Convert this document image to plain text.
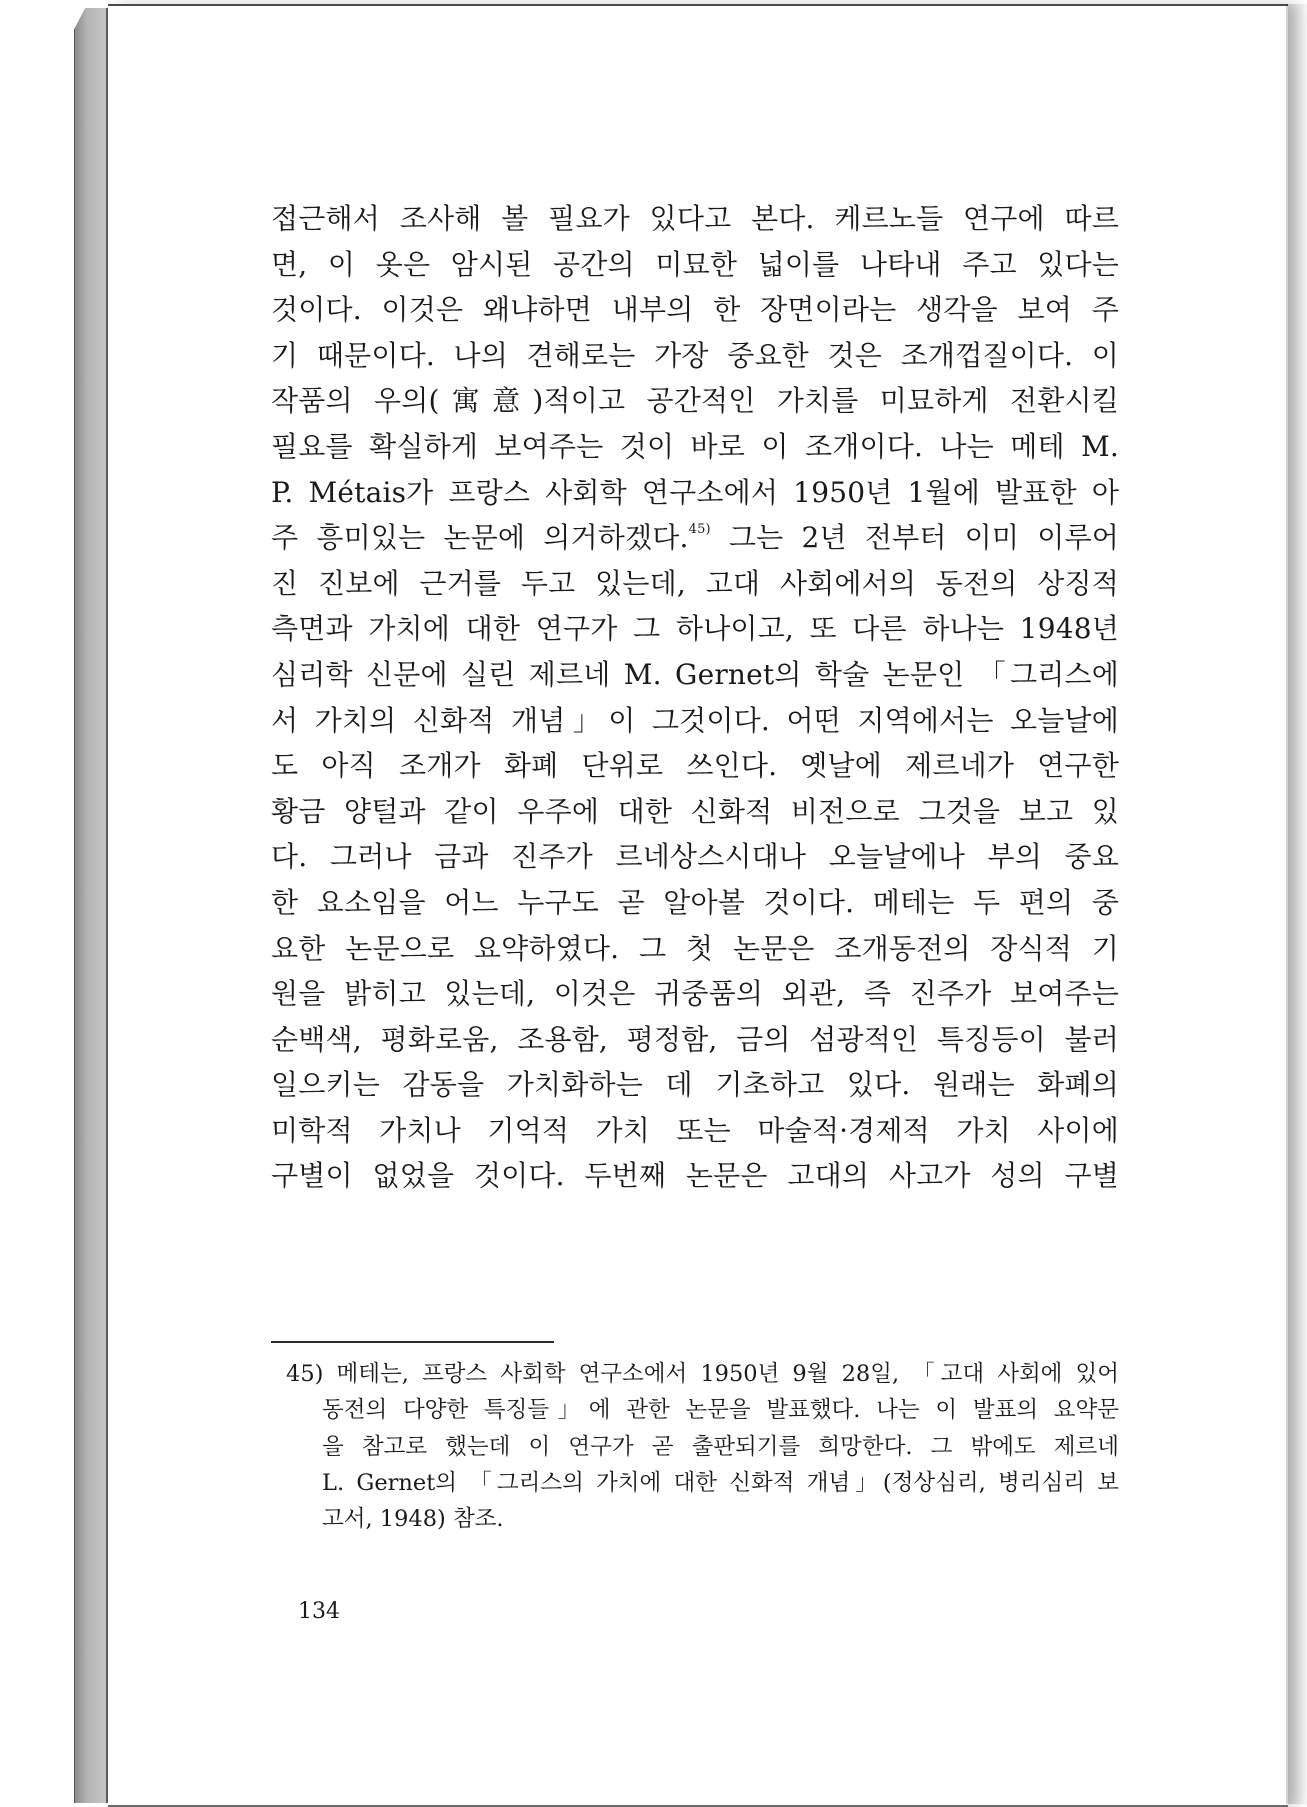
접근해서 조사해 볼 필요가 있다고 본다. 케르노들 연구에 따르
면, 이 옷은 암시된 공간의 미묘한 넓이를 나타내 주고 있다는
것이다. 이것은 왜냐하면 내부의 한 장면이라는 생각을 보여 주
기 때문이다. 나의 견해로는 가장 중요한 것은 조개껍질이다. 이
작품의 우의(寓意)적이고 공간적인 가치를 미묘하게 전환시킬
필요를 확실하게 보여주는 것이 바로 이 조개이다. 나는 메테 M.
P. Métais가 프랑스 사회학 연구소에서 1950년 1월에 발표한 아
주 흥미있는 논문에 의거하겠다.$^{45)}$ 그는 2년 전부터 이미 이루어
진 진보에 근거를 두고 있는데, 고대 사회에서의 동전의 상징적
측면과 가치에 대한 연구가 그 하나이고, 또 다른 하나는 1948년
심리학 신문에 실린 제르네 M. Gernet의 학술 논문인 「그리스에
서 가치의 신화적 개념」이 그것이다. 어떤 지역에서는 오늘날에
도 아직 조개가 화폐 단위로 쓰인다. 옛날에 제르네가 연구한
황금 양털과 같이 우주에 대한 신화적 비전으로 그것을 보고 있
다. 그러나 금과 진주가 르네상스시대나 오늘날에나 부의 중요
한 요소임을 어느 누구도 곧 알아볼 것이다. 메테는 두 편의 중
요한 논문으로 요약하였다. 그 첫 논문은 조개동전의 장식적 기
원을 밝히고 있는데, 이것은 귀중품의 외관, 즉 진주가 보여주는
순백색, 평화로움, 조용함, 평정함, 금의 섬광적인 특징등이 불러
일으키는 감동을 가치화하는 데 기초하고 있다. 원래는 화폐의
미학적 가치나 기억적 가치 또는 마술적·경제적 가치 사이에
구별이 없었을 것이다. 두번째 논문은 고대의 사고가 성의 구별
45) 메테는, 프랑스 사회학 연구소에서 1950년 9월 28일, 「고대 사회에 있어
동전의 다양한 특징들」에 관한 논문을 발표했다. 나는 이 발표의 요약문
을 참고로 했는데 이 연구가 곧 출판되기를 희망한다. 그 밖에도 제르네
L. Gernet의 「그리스의 가치에 대한 신화적 개념」(정상심리, 병리심리 보
고서, 1948) 참조.
134
